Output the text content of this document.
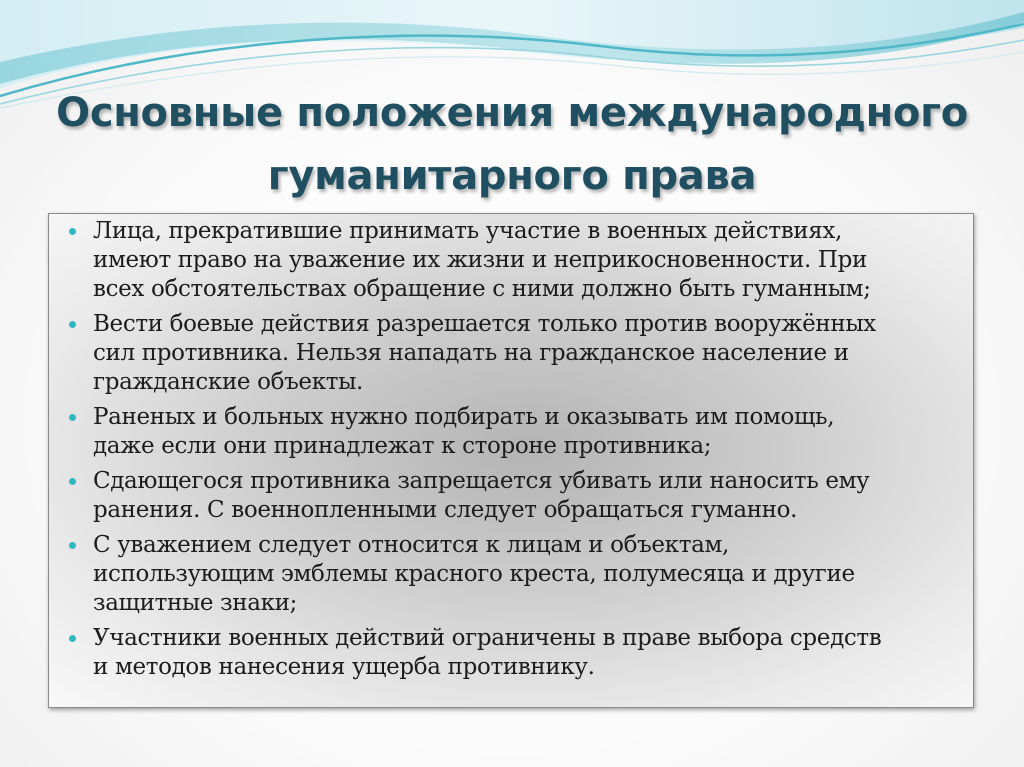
Основные положения международного
гуманитарного права
Лица, прекратившие принимать участие в военных действиях,
имеют право на уважение их жизни и неприкосновенности. При
всех обстоятельствах обращение с ними должно быть гуманным;
Вести боевые действия разрешается только против вооружённых
сил противника. Нельзя нападать на гражданское население и
гражданские объекты.
Раненых и больных нужно подбирать и оказывать им помощь,
даже если они принадлежат к стороне противника;
Сдающегося противника запрещается убивать или наносить ему
ранения. С военнопленными следует обращаться гуманно.
С уважением следует относится к лицам и объектам,
использующим эмблемы красного креста, полумесяца и другие
защитные знаки;
Участники военных действий ограничены в праве выбора средств
и методов нанесения ущерба противнику.
